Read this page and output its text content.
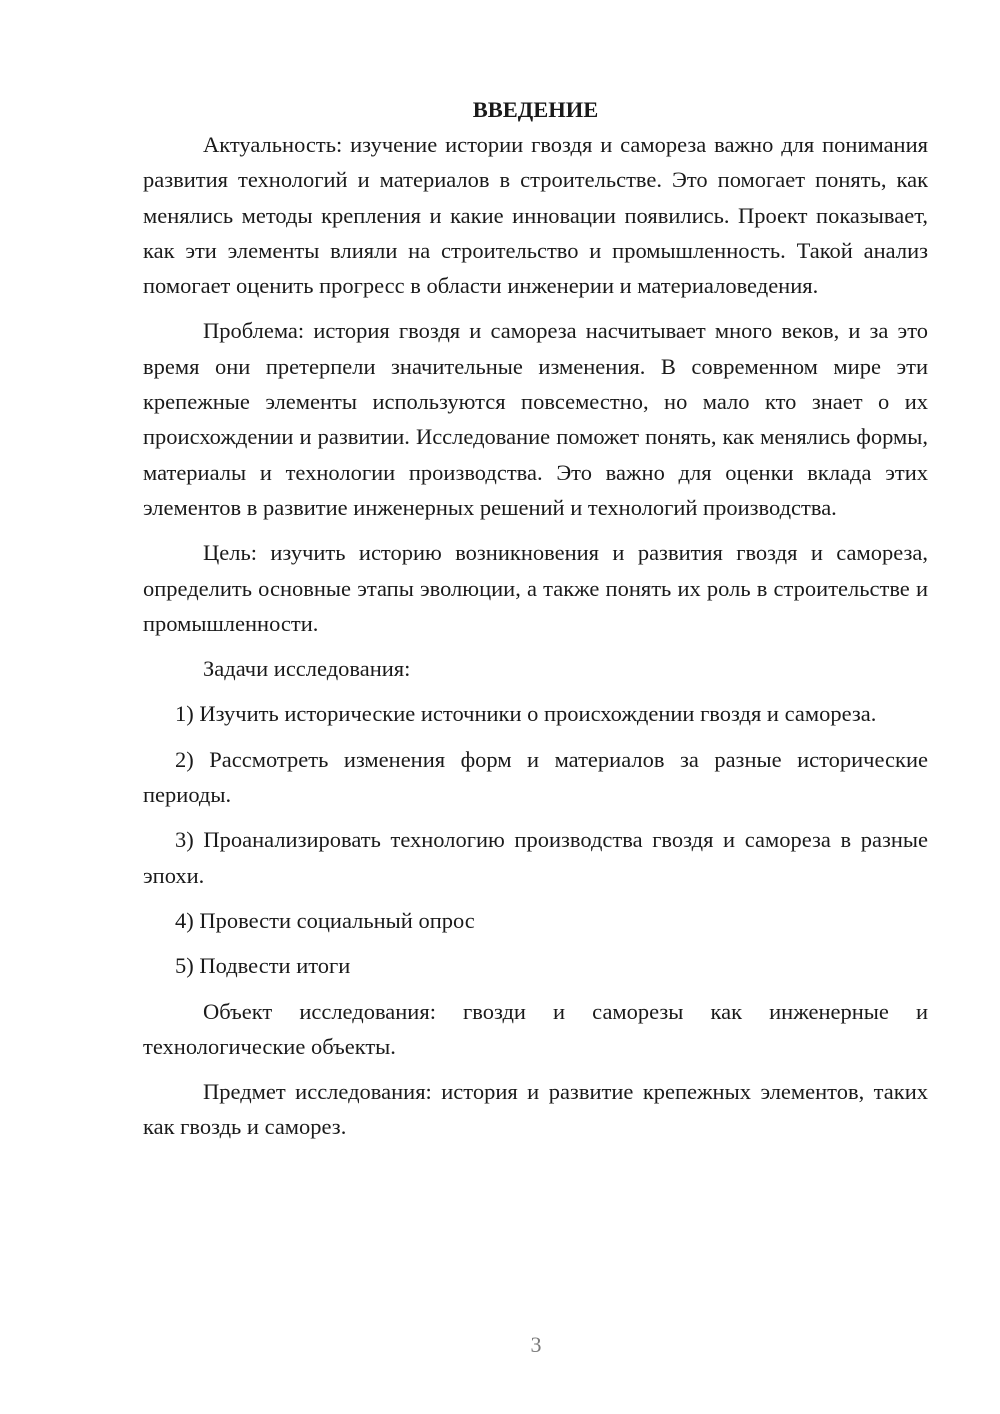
ВВЕДЕНИЕ

Актуальность: изучение истории гвоздя и самореза важно для понимания развития технологий и материалов в строительстве. Это помогает понять, как менялись методы крепления и какие инновации появились. Проект показывает, как эти элементы влияли на строительство и промышленность. Такой анализ помогает оценить прогресс в области инженерии и материаловедения.

Проблема: история гвоздя и самореза насчитывает много веков, и за это время они претерпели значительные изменения. В современном мире эти крепежные элементы используются повсеместно, но мало кто знает о их происхождении и развитии. Исследование поможет понять, как менялись формы, материалы и технологии производства. Это важно для оценки вклада этих элементов в развитие инженерных решений и технологий производства.

Цель: изучить историю возникновения и развития гвоздя и самореза, определить основные этапы эволюции, а также понять их роль в строительстве и промышленности.

Задачи исследования:

1) Изучить исторические источники о происхождении гвоздя и самореза.

2) Рассмотреть изменения форм и материалов за разные исторические периоды.

3) Проанализировать технологию производства гвоздя и самореза в разные эпохи.

4) Провести социальный опрос

5) Подвести итоги

Объект исследования: гвозди и саморезы как инженерные и технологические объекты.

Предмет исследования: история и развитие крепежных элементов, таких как гвоздь и саморез.

3
